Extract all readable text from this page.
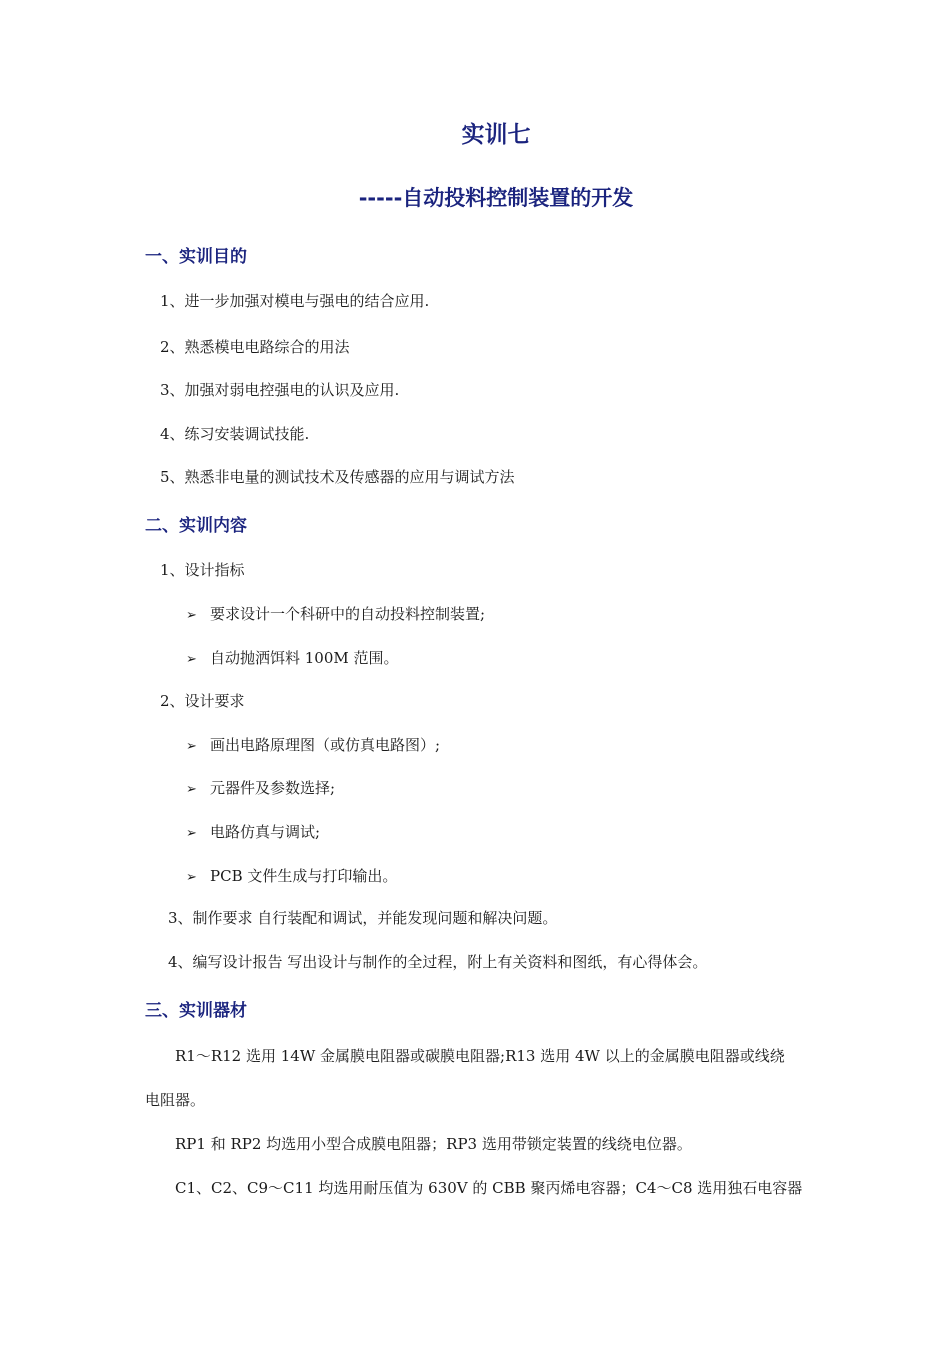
实训七
-----自动投料控制装置的开发
一、实训目的
1、进一步加强对模电与强电的结合应用.
2、熟悉模电电路综合的用法
3、加强对弱电控强电的认识及应用.
4、练习安装调试技能.
5、熟悉非电量的测试技术及传感器的应用与调试方法
二、实训内容
1、设计指标
➢ 要求设计一个科研中的自动投料控制装置;
➢ 自动抛洒饵料 100M 范围。
2、设计要求
➢ 画出电路原理图（或仿真电路图）;
➢ 元器件及参数选择;
➢ 电路仿真与调试;
➢ PCB 文件生成与打印输出。
3、制作要求 自行装配和调试，并能发现问题和解决问题。
4、编写设计报告 写出设计与制作的全过程，附上有关资料和图纸，有心得体会。
三、实训器材
R1～R12 选用 14W 金属膜电阻器或碳膜电阻器;R13 选用 4W 以上的金属膜电阻器或线绕
电阻器。
RP1 和 RP2 均选用小型合成膜电阻器；RP3 选用带锁定装置的线绕电位器。
C1、C2、C9～C11 均选用耐压值为 630V 的 CBB 聚丙烯电容器；C4～C8 选用独石电容器
